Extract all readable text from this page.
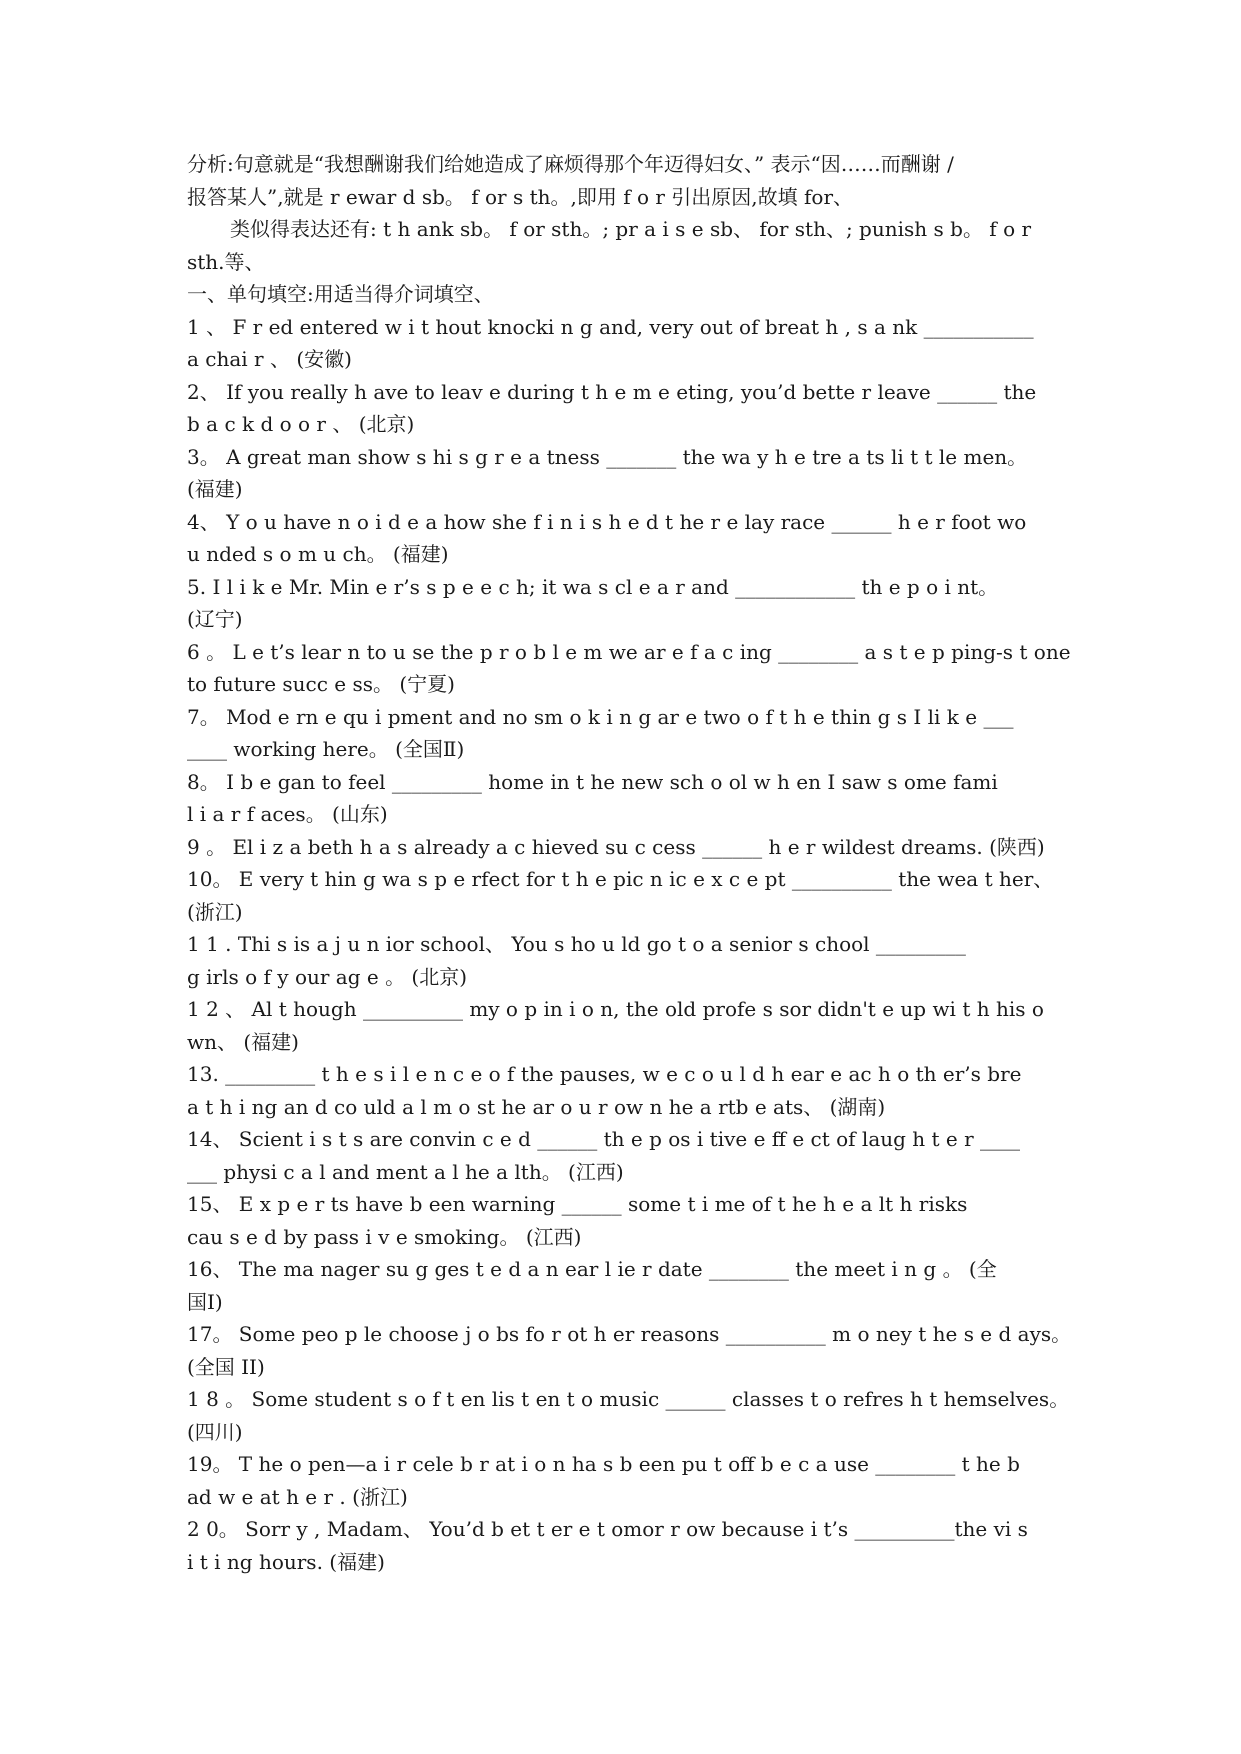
分析:句意就是“我想酬谢我们给她造成了麻烦得那个年迈得妇女、” 表示“因……而酬谢 /
报答某人”,就是 r ewar d sb。 f or s th。,即用 f o r 引出原因,故填 for、
类似得表达还有: t h ank sb。 f or sth。; pr a i s e sb、 for sth、; punish s b。 f o r
sth.等、
一、单句填空:用适当得介词填空、
1 、 F r ed entered w i t hout knocki n g and, very out of breat h , s a nk ___________
a chai r 、 (安徽)
2、 If you really h ave to leav e during t h e m e eting, you’d bette r leave ______ the
b a c k d o o r 、 (北京)
3。 A great man show s hi s g r e a tness _______ the wa y h e tre a ts li t t le men。
(福建)
4、 Y o u have n o i d e a how she f i n i s h e d t he r e lay race ______ h e r foot wo
u nded s o m u ch。 (福建)
5. I l i k e Mr. Min e r’s s p e e c h; it wa s cl e a r and ____________ th e p o i nt。
(辽宁)
6 。 L e t’s lear n to u se the p r o b l e m we ar e f a c ing ________ a s t e p ping-s t one
to future succ e ss。 (宁夏)
7。 Mod e rn e qu i pment and no sm o k i n g ar e two o f t h e thin g s I li k e ___
____ working here。 (全国Ⅱ)
8。 I b e gan to feel _________ home in t he new sch o ol w h en I saw s ome fami
l i a r f aces。 (山东)
9 。 El i z a beth h a s already a c hieved su c cess ______ h e r wildest dreams. (陕西)
10。 E very t hin g wa s p e rfect for t h e pic n ic e x c e pt __________ the wea t her、
(浙江)
1 1 . Thi s is a j u n ior school、 You s ho u ld go t o a senior s chool _________
g irls o f y our ag e 。 (北京)
1 2 、 Al t hough __________ my o p in i o n, the old profe s sor didn't e up wi t h his o
wn、 (福建)
13. _________ t h e s i l e n c e o f the pauses, w e c o u l d h ear e ac h o th er’s bre
a t h i ng an d co uld a l m o st he ar o u r ow n he a rtb e ats、 (湖南)
14、 Scient i s t s are convin c e d ______ th e p os i tive e ff e ct of laug h t e r ____
___ physi c a l and ment a l he a lth。 (江西)
15、 E x p e r ts have b een warning ______ some t i me of t he h e a lt h risks
cau s e d by pass i v e smoking。 (江西)
16、 The ma nager su g ges t e d a n ear l ie r date ________ the meet i n g 。 (全
国Ⅰ)
17。 Some peo p le choose j o bs fo r ot h er reasons __________ m o ney t he s e d ays。
(全国 II)
1 8 。 Some student s o f t en lis t en t o music ______ classes t o refres h t hemselves。
(四川)
19。 T he o pen—a i r cele b r at i o n ha s b een pu t off b e c a use ________ t he b
ad w e at h e r . (浙江)
2 0。 Sorr y , Madam、 You’d b et t er e t omor r ow because i t’s __________the vi s
i t i ng hours. (福建)
